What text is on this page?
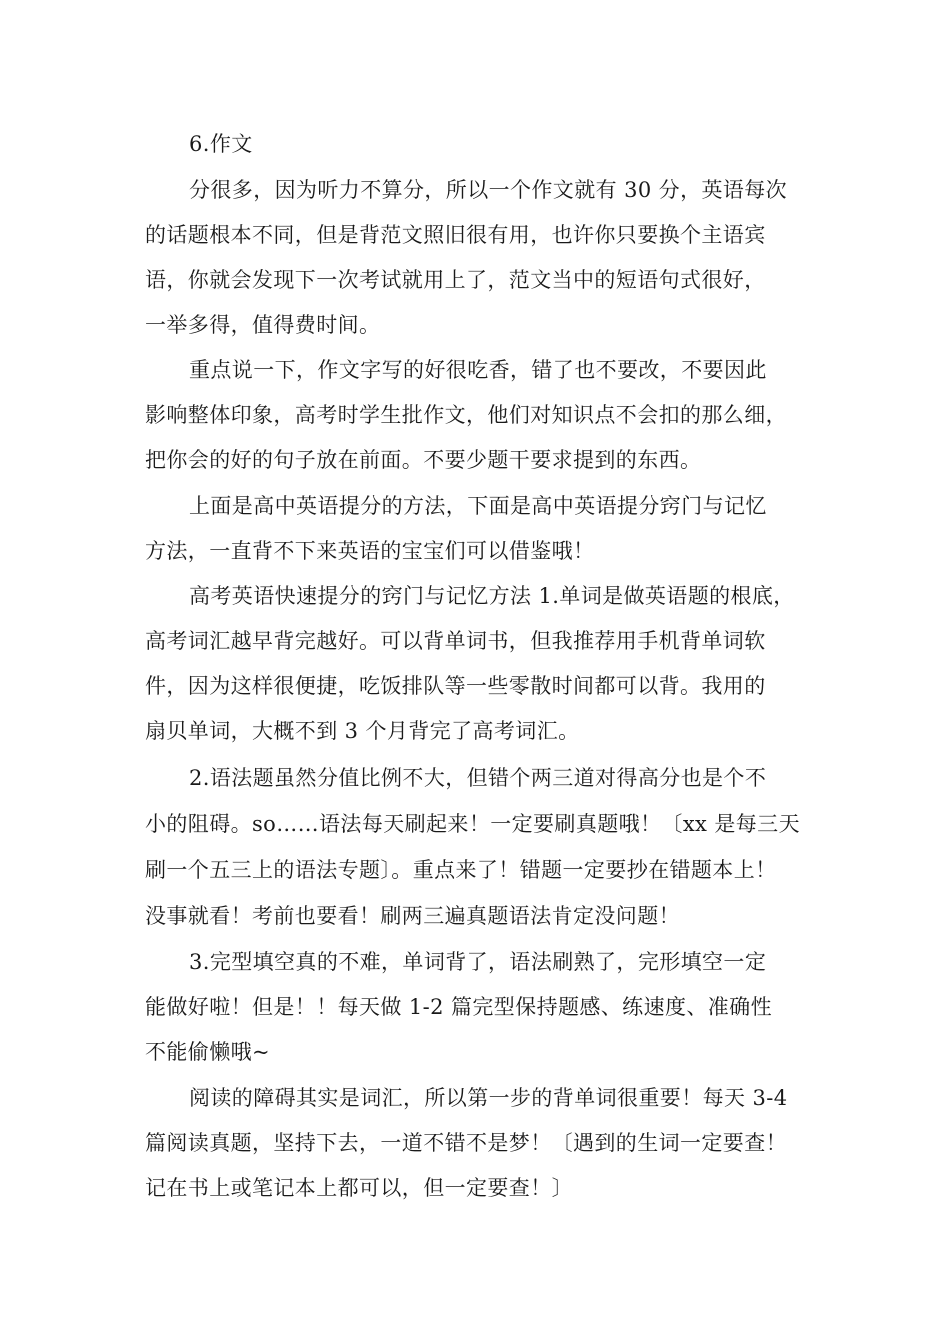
6.作文
分很多，因为听力不算分，所以一个作文就有 30 分，英语每次
的话题根本不同，但是背范文照旧很有用，也许你只要换个主语宾
语，你就会发现下一次考试就用上了，范文当中的短语句式很好，
一举多得，值得费时间。
重点说一下，作文字写的好很吃香，错了也不要改，不要因此
影响整体印象，高考时学生批作文，他们对知识点不会扣的那么细，
把你会的好的句子放在前面。不要少题干要求提到的东西。
上面是高中英语提分的方法，下面是高中英语提分窍门与记忆
方法，一直背不下来英语的宝宝们可以借鉴哦！
高考英语快速提分的窍门与记忆方法 1.单词是做英语题的根底，
高考词汇越早背完越好。可以背单词书，但我推荐用手机背单词软
件，因为这样很便捷，吃饭排队等一些零散时间都可以背。我用的
扇贝单词，大概不到 3 个月背完了高考词汇。
2.语法题虽然分值比例不大，但错个两三道对得高分也是个不
小的阻碍。so……语法每天刷起来！一定要刷真题哦！〔xx 是每三天
刷一个五三上的语法专题〕。重点来了！错题一定要抄在错题本上！
没事就看！考前也要看！刷两三遍真题语法肯定没问题！
3.完型填空真的不难，单词背了，语法刷熟了，完形填空一定
能做好啦！但是！！每天做 1-2 篇完型保持题感、练速度、准确性
不能偷懒哦~
阅读的障碍其实是词汇，所以第一步的背单词很重要！每天 3-4
篇阅读真题，坚持下去，一道不错不是梦！〔遇到的生词一定要查！
记在书上或笔记本上都可以，但一定要查！〕
